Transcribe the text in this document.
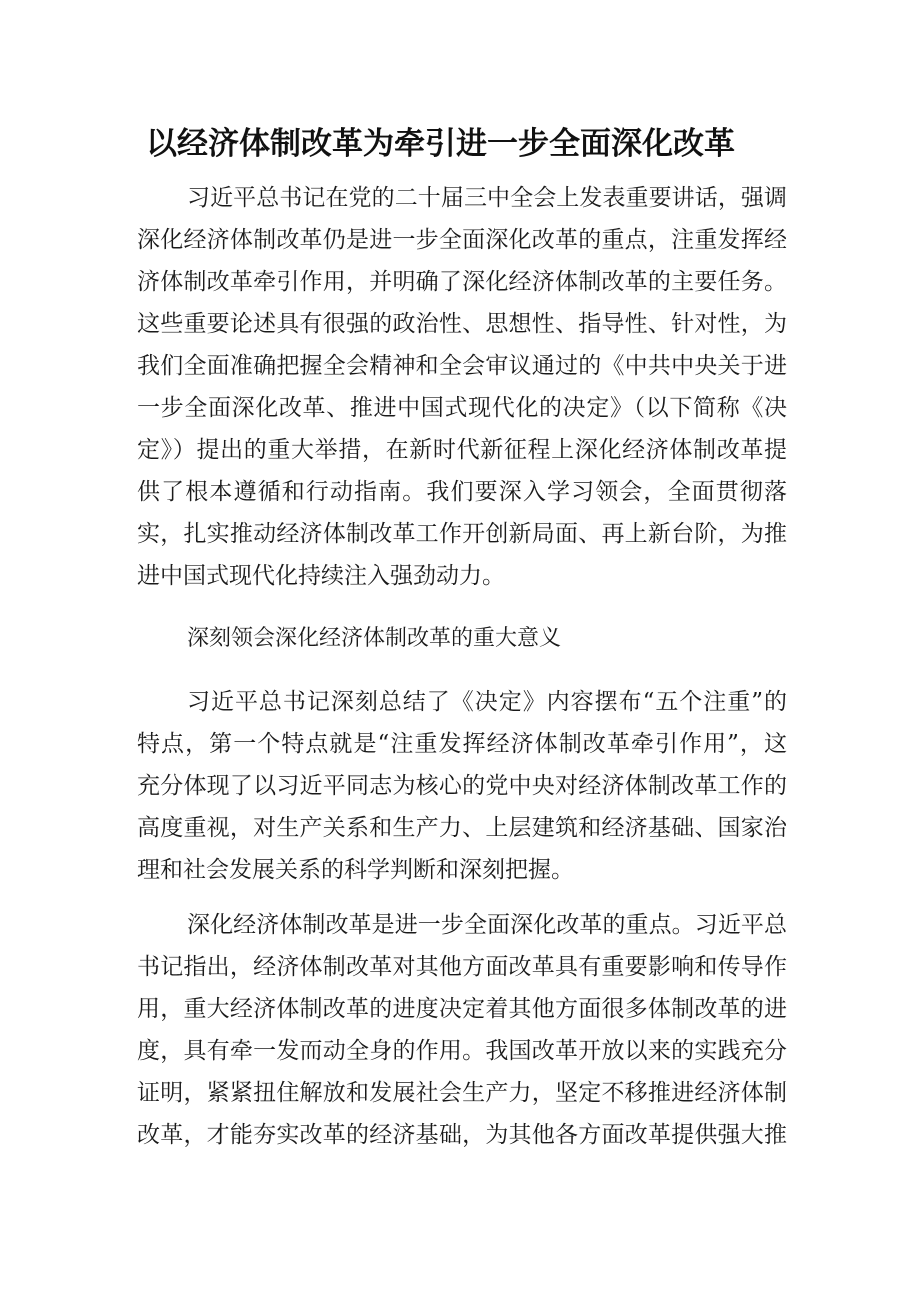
以经济体制改革为牵引进一步全面深化改革
习近平总书记在党的二十届三中全会上发表重要讲话，强调
深化经济体制改革仍是进一步全面深化改革的重点，注重发挥经
济体制改革牵引作用，并明确了深化经济体制改革的主要任务。
这些重要论述具有很强的政治性、思想性、指导性、针对性，为
我们全面准确把握全会精神和全会审议通过的《中共中央关于进
一步全面深化改革、推进中国式现代化的决定》（以下简称《决
定》）提出的重大举措，在新时代新征程上深化经济体制改革提
供了根本遵循和行动指南。我们要深入学习领会，全面贯彻落
实，扎实推动经济体制改革工作开创新局面、再上新台阶，为推
进中国式现代化持续注入强劲动力。
深刻领会深化经济体制改革的重大意义
习近平总书记深刻总结了《决定》内容摆布“五个注重”的
特点，第一个特点就是“注重发挥经济体制改革牵引作用”，这
充分体现了以习近平同志为核心的党中央对经济体制改革工作的
高度重视，对生产关系和生产力、上层建筑和经济基础、国家治
理和社会发展关系的科学判断和深刻把握。
深化经济体制改革是进一步全面深化改革的重点。习近平总
书记指出，经济体制改革对其他方面改革具有重要影响和传导作
用，重大经济体制改革的进度决定着其他方面很多体制改革的进
度，具有牵一发而动全身的作用。我国改革开放以来的实践充分
证明，紧紧扭住解放和发展社会生产力，坚定不移推进经济体制
改革，才能夯实改革的经济基础，为其他各方面改革提供强大推
